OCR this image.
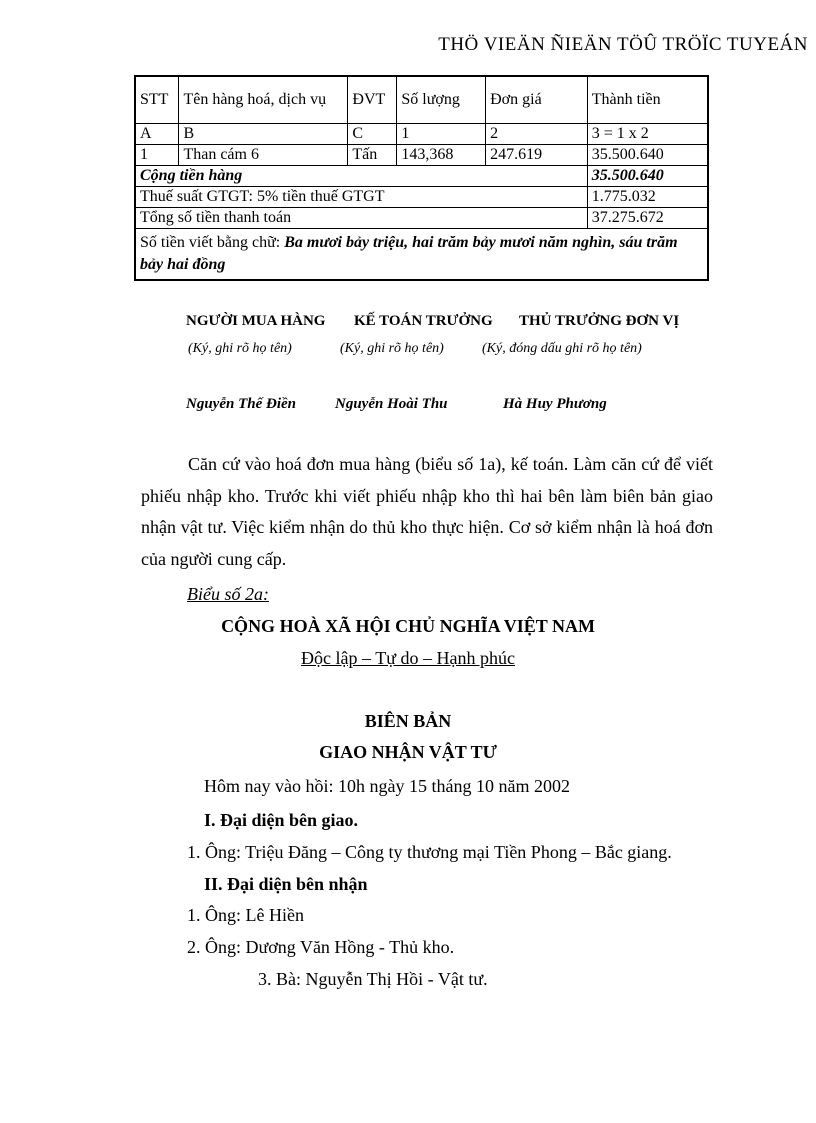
THÖ VIEÄN ÑIEÄN TÖÛ TRÖÏC TUYEÁN
STT	Tên hàng hoá, dịch vụ	ĐVT	Số lượng	Đơn giá	Thành tiền
A	B	C	1	2	3 = 1 x 2
1	Than cám 6	Tấn	143,368	247.619	35.500.640
Cộng tiền hàng					35.500.640
Thuế suất GTGT: 5% tiền thuế GTGT					1.775.032
Tổng số tiền thanh toán					37.275.672
Số tiền viết bằng chữ: Ba mươi bảy triệu, hai trăm bảy mươi năm nghìn, sáu trăm bảy hai đồng					
NGƯỜI MUA HÀNG KẾ TOÁN TRƯỞNG THỦ TRƯỞNG ĐƠN VỊ
(Ký, ghi rõ họ tên)	(Ký, ghi rõ họ tên)	(Ký, đóng dấu ghi rõ họ tên)
Nguyễn Thế Điền	Nguyễn Hoài Thu	Hà Huy Phương
Căn cứ vào hoá đơn mua hàng (biểu số 1a), kế toán. Làm căn cứ để viết phiếu nhập kho. Trước khi viết phiếu nhập kho thì hai bên làm biên bản giao nhận vật tư. Việc kiểm nhận do thủ kho thực hiện. Cơ sở kiểm nhận là hoá đơn của người cung cấp.
Biểu số 2a:
CỘNG HOÀ XÃ HỘI CHỦ NGHĨA VIỆT NAM
Độc lập – Tự do – Hạnh phúc
BIÊN BẢN
GIAO NHẬN VẬT TƯ
Hôm nay vào hồi: 10h ngày 15 tháng 10 năm 2002
I. Đại diện bên giao.
1. Ông: Triệu Đăng – Công ty thương mại Tiền Phong – Bắc giang.
II. Đại diện bên nhận
1. Ông: Lê Hiền
2. Ông: Dương Văn Hồng - Thủ kho.
3. Bà: Nguyễn Thị Hồi - Vật tư.
